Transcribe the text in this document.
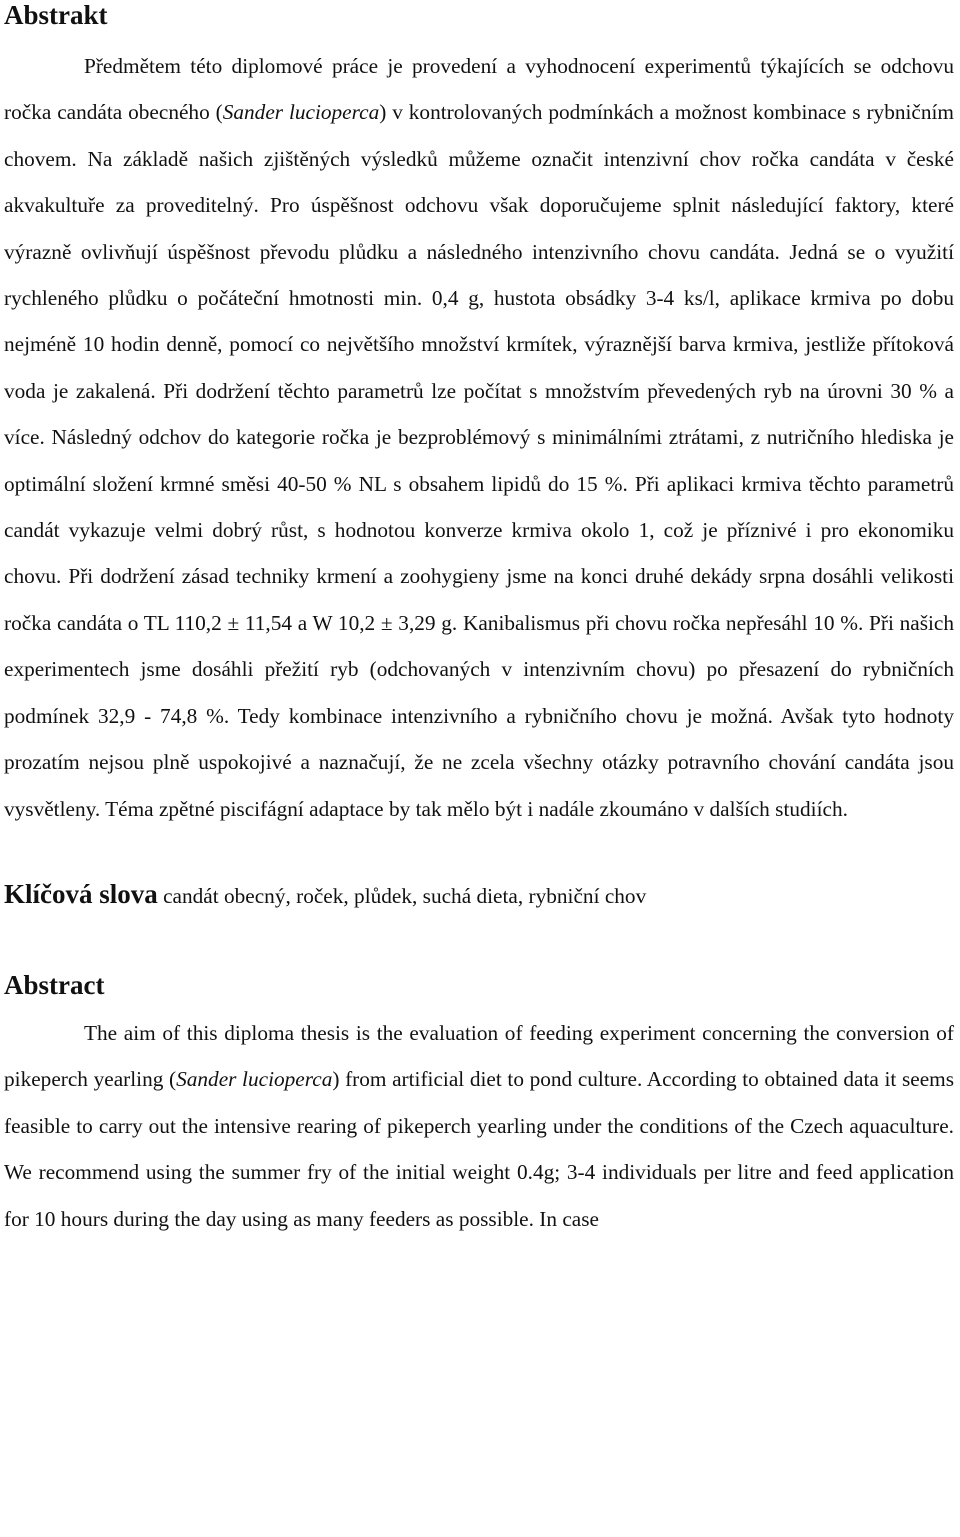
Abstrakt

Předmětem této diplomové práce je provedení a vyhodnocení experimentů týkajících se odchovu ročka candáta obecného (Sander lucioperca) v kontrolovaných podmínkách a možnost kombinace s rybničním chovem. Na základě našich zjištěných výsledků můžeme označit intenzivní chov ročka candáta v české akvakultuře za proveditelný. Pro úspěšnost odchovu však doporučujeme splnit následující faktory, které výrazně ovlivňují úspěšnost převodu plůdku a následného intenzivního chovu candáta. Jedná se o využití rychleného plůdku o počáteční hmotnosti min. 0,4 g, hustota obsádky 3-4 ks/l, aplikace krmiva po dobu nejméně 10 hodin denně, pomocí co největšího množství krmítek, výraznější barva krmiva, jestliže přítoková voda je zakalená. Při dodržení těchto parametrů lze počítat s množstvím převedených ryb na úrovni 30 % a více. Následný odchov do kategorie ročka je bezproblémový s minimálními ztrátami, z nutričního hlediska je optimální složení krmné směsi 40-50 % NL s obsahem lipidů do 15 %. Při aplikaci krmiva těchto parametrů candát vykazuje velmi dobrý růst, s hodnotou konverze krmiva okolo 1, což je příznivé i pro ekonomiku chovu. Při dodržení zásad techniky krmení a zoohygieny jsme na konci druhé dekády srpna dosáhli velikosti ročka candáta o TL 110,2 ± 11,54 a W 10,2 ± 3,29 g. Kanibalismus při chovu ročka nepřesáhl 10 %. Při našich experimentech jsme dosáhli přežití ryb (odchovaných v intenzivním chovu) po přesazení do rybničních podmínek 32,9 - 74,8 %. Tedy kombinace intenzivního a rybničního chovu je možná. Avšak tyto hodnoty prozatím nejsou plně uspokojivé a naznačují, že ne zcela všechny otázky potravního chování candáta jsou vysvětleny. Téma zpětné piscifágní adaptace by tak mělo být i nadále zkoumáno v dalších studiích.

Klíčová slova candát obecný, roček, plůdek, suchá dieta, rybniční chov
Abstract

The aim of this diploma thesis is the evaluation of feeding experiment concerning the conversion of pikeperch yearling (Sander lucioperca) from artificial diet to pond culture. According to obtained data it seems feasible to carry out the intensive rearing of pikeperch yearling under the conditions of the Czech aquaculture. We recommend using the summer fry of the initial weight 0.4g; 3-4 individuals per litre and feed application for 10 hours during the day using as many feeders as possible. In case
